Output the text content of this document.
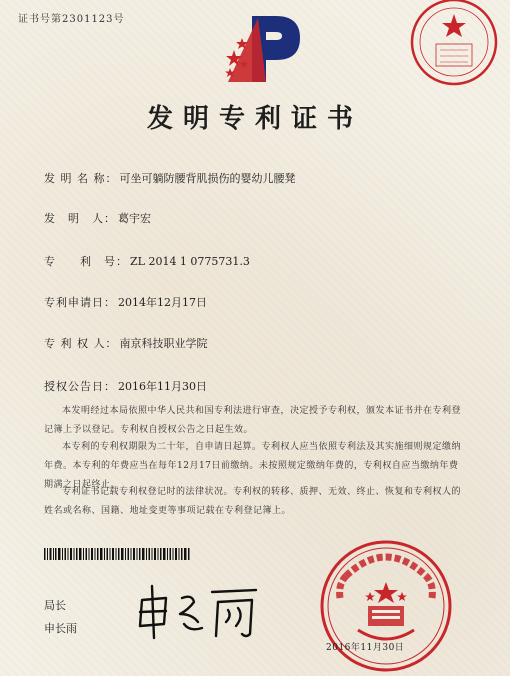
证书号第2301123号
发明专利证书
发 明 名 称： 可坐可躺防腰背肌损伤的婴幼儿腰凳
发　明　人： 葛宇宏
专　　利　号： ZL 2014 1 0775731.3
专利申请日： 2014年12月17日
专 利 权 人： 南京科技职业学院
授权公告日： 2016年11月30日
本发明经过本局依照中华人民共和国专利法进行审查，决定授予专利权，颁发本证书并在专利登记簿上予以登记。专利权自授权公告之日起生效。
本专利的专利权期限为二十年，自申请日起算。专利权人应当依照专利法及其实施细则规定缴纳年费。本专利的年费应当在每年12月17日前缴纳。未按照规定缴纳年费的，专利权自应当缴纳年费期满之日起终止。
专利证书记载专利权登记时的法律状况。专利权的转移、质押、无效、终止、恢复和专利权人的姓名或名称、国籍、地址变更等事项记载在专利登记簿上。
局长
申长雨
2016年11月30日
